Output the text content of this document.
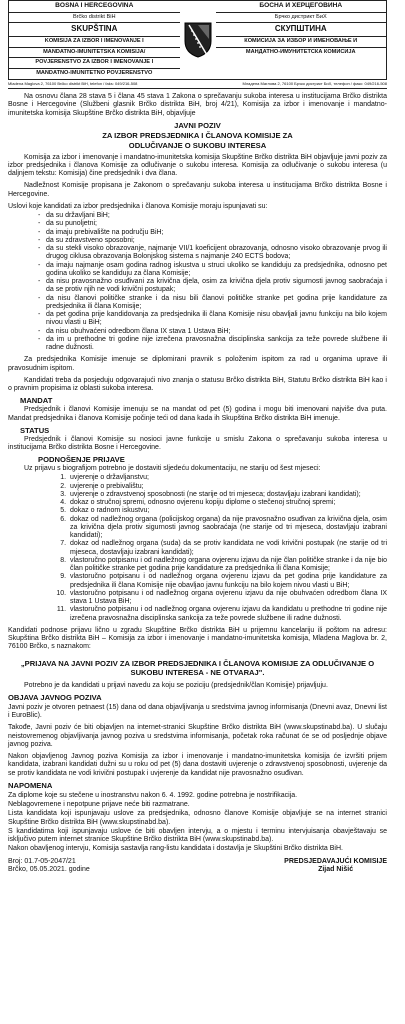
BOSNA I HERCEGOVINA
Brčko distrikt BiH
SKUPŠTINA
KOMISIJA ZA IZBOR I IMENOVANJE I
MANDATNO-IMUNITETSKA KOMISIJA/
POVJERENSTVO ZA IZBOR I IMENOVANJE I
MANDATNO-IMUNITETNO POVJERENSTVO
БОСНА И ХЕРЦЕГОВИНА
Брчко дистрикт БиХ
СКУПШТИНА
КОМИСИЈА ЗА ИЗБОР И ИМЕНОВАЊЕ И
МАНДАТНО-ИМУНИТЕТСКА КОМИСИЈА
Mladena Maglova 2, 76100 Brčko distrikt BiH, telefon / faks: 049/216-508	Младена Маглова 2, 76100 Брчко дистрикт БиХ, телефон / факс: 049/216-508

Na osnovu člana 28 stava 5 i člana 45 stava 1 Zakona o sprečavanju sukoba interesa u institucijama Brčko distrikta Bosne i Hercegovine (Službeni glasnik Brčko distrikta BiH, broj 4/21), Komisija za izbor i imenovanje i mandatno-imunitetska komisija Skupštine Brčko distrikta BiH, objavljuje

JAVNI POZIV
ZA IZBOR PREDSJEDNIKA I ČLANOVA KOMISIJE ZA
ODLUČIVANJE O SUKOBU INTERESA

Komisija za izbor i imenovanje i mandatno-imunitetska komisija Skupštine Brčko distrikta BiH objavljuje javni poziv za izbor predsjednika i članova Komisije za odlučivanje o sukobu interesa. Komisija za odlučivanje o sukobu interesa (u daljnjem tekstu: Komisija) čine predsjednik i dva člana.

Nadležnost Komisije propisana je Zakonom o sprečavanju sukoba interesa u institucijama Brčko distrikta Bosne i Hercegovine.

Uslovi koje kandidati za izbor predsjednika i članova Komisije moraju ispunjavati su:

- da su državljani BiH;
- da su punoljetni;
- da imaju prebivalište na području BiH;
- da su zdravstveno sposobni;
- da su stekli visoko obrazovanje, najmanje VII/1 koeficijent obrazovanja, odnosno visoko obrazovanje prvog ili drugog ciklusa obrazovanja Bolonjskog sistema s najmanje 240 ECTS bodova;
- da imaju najmanje osam godina radnog iskustva u struci ukoliko se kandiduju za predsjednika, odnosno pet godina ukoliko se kandiduju za člana Komisije;
- da nisu pravosnažno osuđivani za krivična djela, osim za krivična djela protiv sigurnosti javnog saobraćaja i da se protiv njih ne vodi krivični postupak;
- da nisu članovi političke stranke i da nisu bili članovi političke stranke pet godina prije kandidature za predsjednika ili člana Komisije;
- da pet godina prije kandidovanja za predsjednika ili člana Komisije nisu obavljali javnu funkciju na bilo kojem nivou vlasti u BiH;
- da nisu obuhvaćeni odredbom člana IX stava 1 Ustava BiH;
- da im u prethodne tri godine nije izrečena pravosnažna disciplinska sankcija za teže povrede službene ili radne dužnosti.

Za predsjednika Komisije imenuje se diplomirani pravnik s položenim ispitom za rad u organima uprave ili pravosudnim ispitom.

Kandidati treba da posjeduju odgovarajući nivo znanja o statusu Brčko distrikta BiH, Statutu Brčko distrikta BiH kao i o pravnim propisima iz oblasti sukoba interesa.

MANDAT

Predsjednik i članovi Komisije imenuju se na mandat od pet (5) godina i mogu biti imenovani najviše dva puta. Mandat predsjednika i članova Komisije počinje teći od dana kada ih Skupština Brčko distrikta BiH imenuje.

STATUS

Predsjednik i članovi Komisije su nosioci javne funkcije u smislu Zakona o sprečavanju sukoba interesa u institucijama Brčko distrikta Bosne i Hercegovine.

PODNOŠENJE PRIJAVE

Uz prijavu s biografijom potrebno je dostaviti sljedeću dokumentaciju, ne stariju od šest mjeseci:

1. uvjerenje o državljanstvu;
2. uvjerenje o prebivalištu;
3. uvjerenje o zdravstvenoj sposobnosti (ne starije od tri mjeseca; dostavljaju izabrani kandidati);
4. dokaz o stručnoj spremi, odnosno ovjerenu kopiju diplome o stečenoj stručnoj spremi;
5. dokaz o radnom iskustvu;
6. dokaz od nadležnog organa (policijskog organa) da nije pravosnažno osuđivan za krivična djela, osim za krivična djela protiv sigurnosti javnog saobraćaja (ne starije od tri mjeseca, dostavljaju izabrani kandidati);
7. dokaz od nadležnog organa (suda) da se protiv kandidata ne vodi krivični postupak (ne starije od tri mjeseca, dostavljaju izabrani kandidati);
8. vlastoručno potpisanu i od nadležnog organa ovjerenu izjavu da nije član političke stranke i da nije bio član političke stranke pet godina prije kandidature za predsjednika ili člana Komisije;
9. vlastoručno potpisanu i od nadležnog organa ovjerenu izjavu da pet godina prije kandidature za predsjednika ili člana Komisije nije obavljao javnu funkciju na bilo kojem nivou vlasti u BiH;
10. vlastoručno potpisanu i od nadležnog organa ovjerenu izjavu da nije obuhvaćen odredbom člana IX stava 1 Ustava BiH;
11. vlastoručno potpisanu i od nadležnog organa ovjerenu izjavu da kandidatu u prethodne tri godine nije izrečena pravosnažna disciplinska sankcija za teže povrede službene ili radne dužnosti.

Kandidati podnose prijavu lično u zgradu Skupštine Brčko distrikta BiH u prijemnu kancelariju ili poštom na adresu: Skupština Brčko distrikta BiH – Komisija za izbor i imenovanje i mandatno-imunitetska komisija, Mladena Maglova br. 2, 76100 Brčko, s naznakom:

„PRIJAVA NA JAVNI POZIV ZA IZBOR PREDSJEDNIKA I ČLANOVA KOMISIJE ZA ODLUČIVANJE O SUKOBU INTERESA - NE OTVARAJ".

Potrebno je da kandidati u prijavi navedu za koju se poziciju (predsjednik/član Komisije) prijavljuju.

OBJAVA JAVNOG POZIVA

Javni poziv je otvoren petnaest (15) dana od dana objavljivanja u sredstvima javnog informisanja (Dnevni avaz, Dnevni list i EuroBlic).

Takođe, Javni poziv će biti objavljen na internet-stranici Skupštine Brčko distrikta BiH (www.skupstinabd.ba). U slučaju neistovremenog objavljivanja javnog poziva u sredstvima informisanja, početak roka računat će se od posljednje objave javnog poziva.

Nakon objavljenog Javnog poziva Komisija za izbor i imenovanje i mandatno-imunitetska komisija će izvršiti prijem kandidata, izabrani kandidati dužni su u roku od pet (5) dana dostaviti uvjerenje o zdravstvenoj sposobnosti, uvjerenje da se protiv kandidata ne vodi krivični postupak i uvjerenje da kandidat nije pravosnažno osuđivan.

NAPOMENA

Za diplome koje su stečene u inostranstvu nakon 6. 4. 1992. godine potrebna je nostrifikacija.

Neblagovremene i nepotpune prijave neće biti razmatrane.

Lista kandidata koji ispunjavaju uslove za predsjednika, odnosno članove Komisije objavljuje se na internet stranici Skupštine Brčko distrikta BiH (www.skupstinabd.ba).

S kandidatima koji ispunjavaju uslove će biti obavljen intervju, a o mjestu i terminu intervjuisanja obavještavaju se isključivo putem internet stranice Skupštine Brčko distrikta BiH (www.skupstinabd.ba).

Nakon obavljenog intervju, Komisija sastavlja rang-listu kandidata i dostavlja je Skupštini Brčko distrikta BiH.

Broj: 01.7-05-2047/21
Brčko, 05.05.2021. godine
PREDSJEDAVAJUĆI KOMISIJE
Zijad Nišić
